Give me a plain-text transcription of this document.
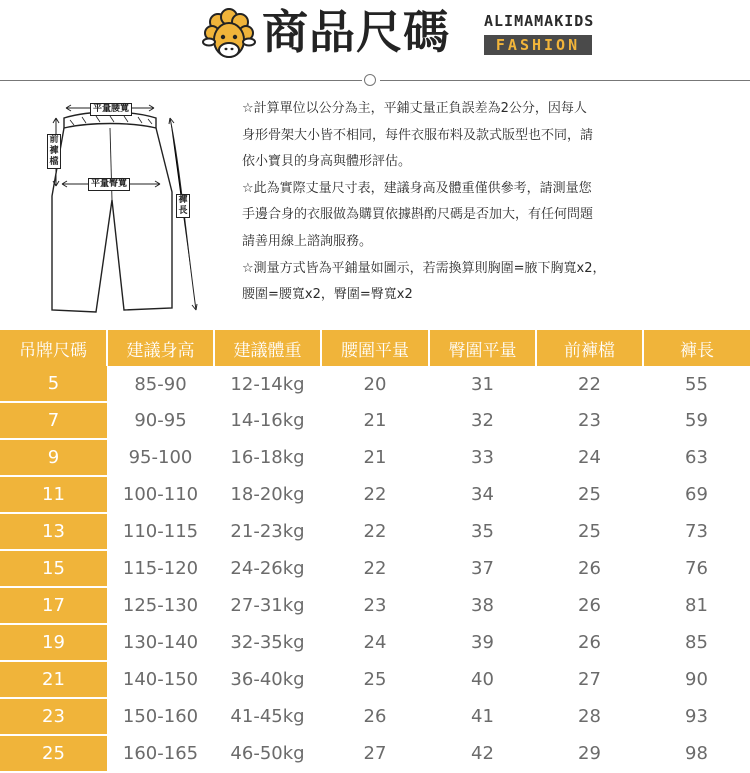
商品尺碼 ALIMAMAKIDS
FASHION
平量腰寬
前褲檔
平量臀寬
褲長
☆計算單位以公分為主，平鋪丈量正負誤差為2公分，因每人
身形骨架大小皆不相同，每件衣服布料及款式版型也不同，請
依小寶貝的身高與體形評估。
☆此為實際丈量尺寸表，建議身高及體重僅供參考，請測量您
手邊合身的衣服做為購買依據斟酌尺碼是否加大，有任何問題
請善用線上諮詢服務。
☆測量方式皆為平鋪量如圖示，若需換算則胸圍=腋下胸寬x2，
腰圍=腰寬x2，臀圍=臀寬x2
吊牌尺碼	建議身高	建議體重	腰圍平量	臀圍平量	前褲檔	褲長
5	85-90	12-14kg	20	31	22	55
7	90-95	14-16kg	21	32	23	59
9	95-100	16-18kg	21	33	24	63
11	100-110	18-20kg	22	34	25	69
13	110-115	21-23kg	22	35	25	73
15	115-120	24-26kg	22	37	26	76
17	125-130	27-31kg	23	38	26	81
19	130-140	32-35kg	24	39	26	85
21	140-150	36-40kg	25	40	27	90
23	150-160	41-45kg	26	41	28	93
25	160-165	46-50kg	27	42	29	98
